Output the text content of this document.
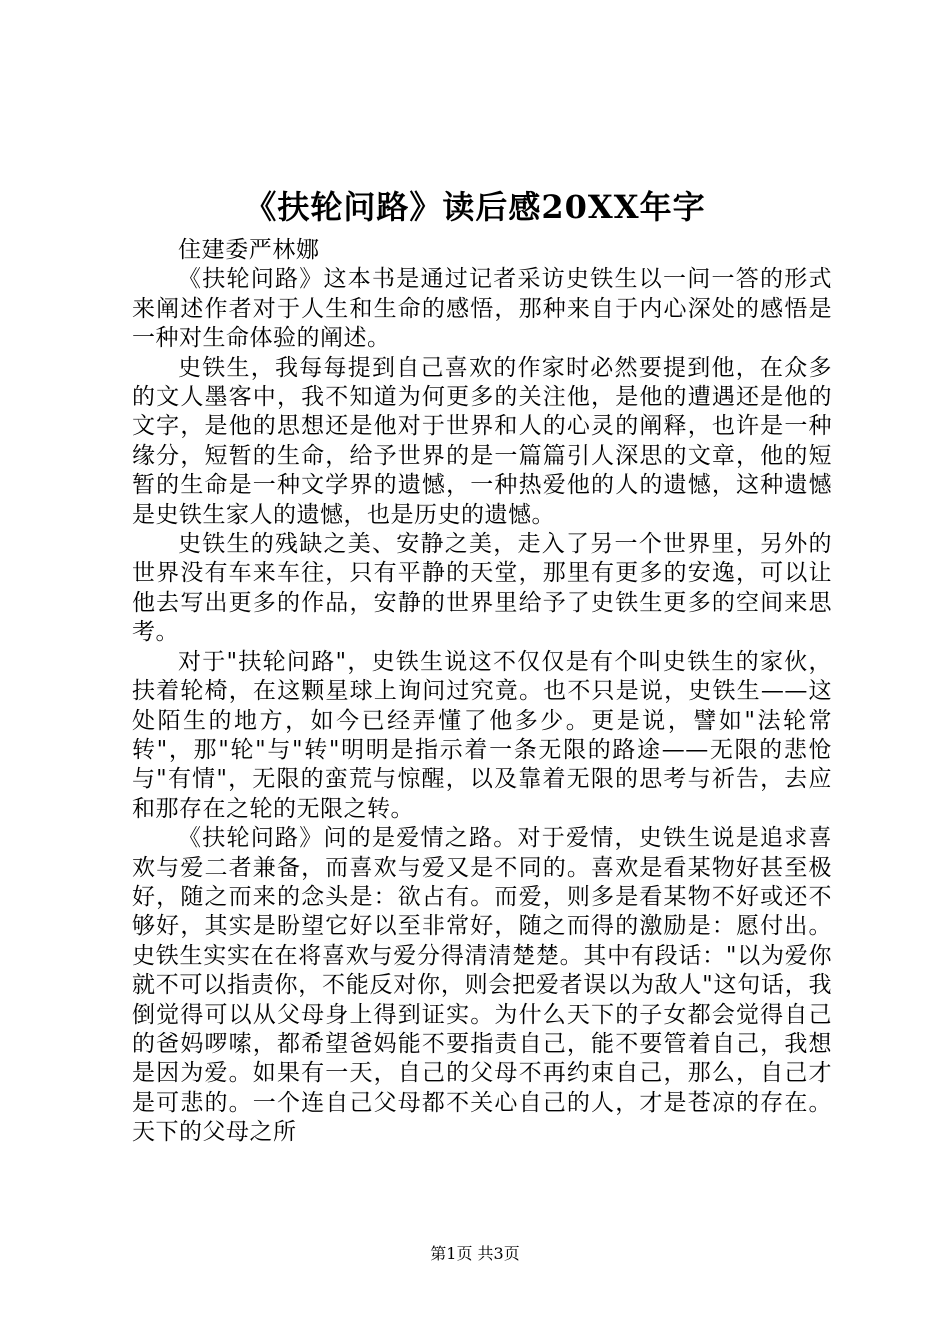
《扶轮问路》读后感20XX年字

住建委严林娜

《扶轮问路》这本书是通过记者采访史铁生以一问一答的形式来阐述作者对于人生和生命的感悟，那种来自于内心深处的感悟是一种对生命体验的阐述。

史铁生，我每每提到自己喜欢的作家时必然要提到他，在众多的文人墨客中，我不知道为何更多的关注他，是他的遭遇还是他的文字，是他的思想还是他对于世界和人的心灵的阐释，也许是一种缘分，短暂的生命，给予世界的是一篇篇引人深思的文章，他的短暂的生命是一种文学界的遗憾，一种热爱他的人的遗憾，这种遗憾是史铁生家人的遗憾，也是历史的遗憾。

史铁生的残缺之美、安静之美，走入了另一个世界里，另外的世界没有车来车往，只有平静的天堂，那里有更多的安逸，可以让他去写出更多的作品，安静的世界里给予了史铁生更多的空间来思考。

对于"扶轮问路"，史铁生说这不仅仅是有个叫史铁生的家伙，扶着轮椅，在这颗星球上询问过究竟。也不只是说，史铁生——这处陌生的地方，如今已经弄懂了他多少。更是说，譬如"法轮常转"，那"轮"与"转"明明是指示着一条无限的路途——无限的悲怆与"有情"，无限的蛮荒与惊醒，以及靠着无限的思考与祈告，去应和那存在之轮的无限之转。

《扶轮问路》问的是爱情之路。对于爱情，史铁生说是追求喜欢与爱二者兼备，而喜欢与爱又是不同的。喜欢是看某物好甚至极好，随之而来的念头是：欲占有。而爱，则多是看某物不好或还不够好，其实是盼望它好以至非常好，随之而得的激励是：愿付出。史铁生实实在在将喜欢与爱分得清清楚楚。其中有段话："以为爱你就不可以指责你，不能反对你，则会把爱者误以为敌人"这句话，我倒觉得可以从父母身上得到证实。为什么天下的子女都会觉得自己的爸妈啰嗦，都希望爸妈能不要指责自己，能不要管着自己，我想是因为爱。如果有一天，自己的父母不再约束自己，那么，自己才是可悲的。一个连自己父母都不关心自己的人，才是苍凉的存在。天下的父母之所

第1页 共3页
